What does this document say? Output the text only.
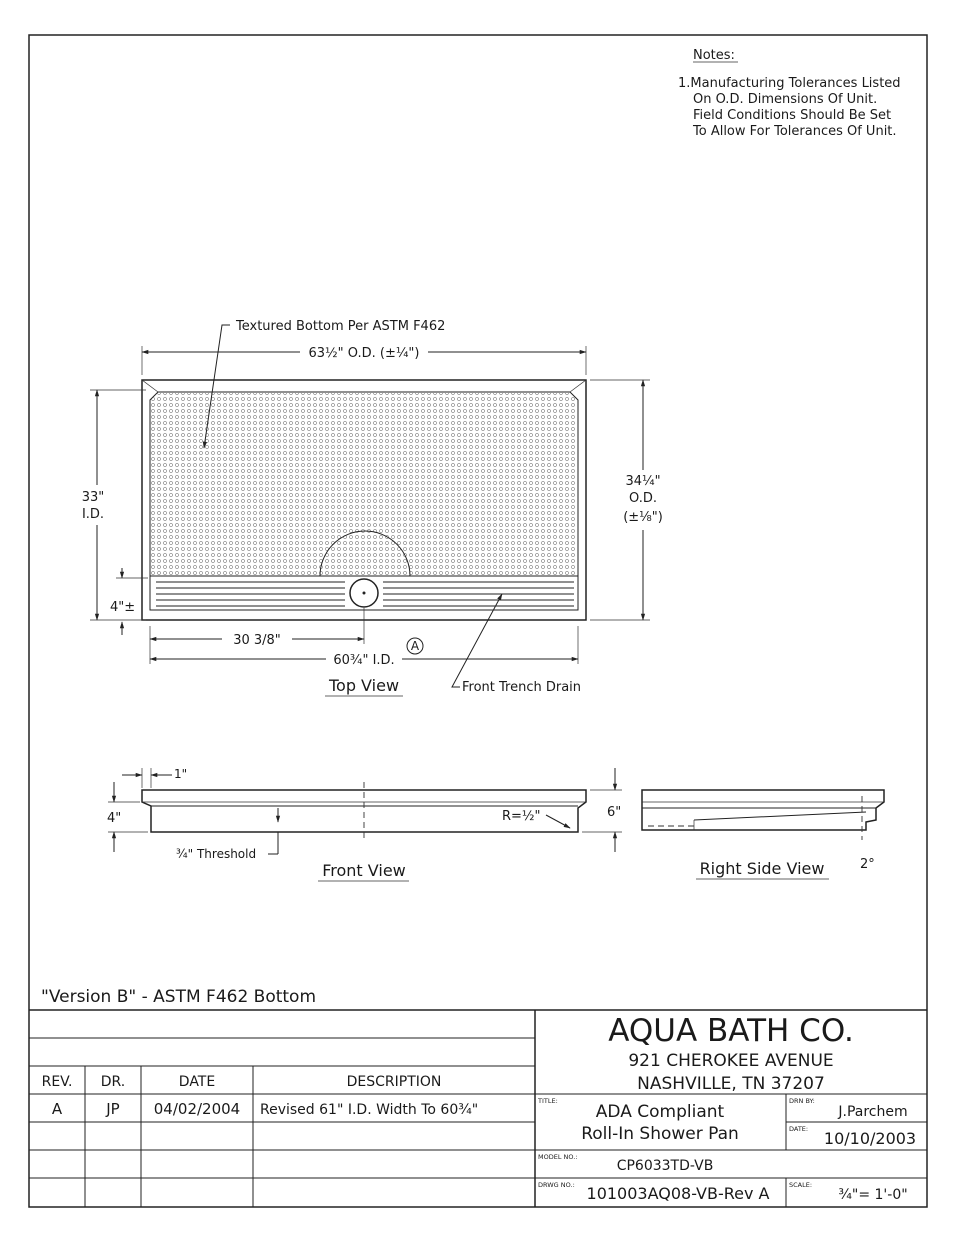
Notes:
1.Manufacturing Tolerances Listed
On O.D. Dimensions Of Unit.
Field Conditions Should Be Set
To Allow For Tolerances Of Unit.
Textured Bottom Per ASTM F462
63½" O.D. (±¼")
33"
I.D.
4"±
34¼"
O.D.
(±⅛")
30 3/8"
60¾" I.D.
A
Front Trench Drain
Top View
R=½"
1"
4"	6"
¾" Threshold
Front View	2°
Right Side View
"Version B" - ASTM F462 Bottom
REV. DR.	DATE	DESCRIPTION
A	JP 04/02/2004 Revised 61" I.D. Width To 60¾"
AQUA BATH CO.
921 CHEROKEE AVENUE
NASHVILLE, TN 37207
TITLE:
ADA Compliant
Roll-In Shower Pan
DRN BY:
J.Parchem
DATE: 10/10/2003
MODEL NO.:
CP6033TD-VB
DRWG NO.: 101003AQ08-VB-Rev A	SCALE:
¾"= 1'-0"
